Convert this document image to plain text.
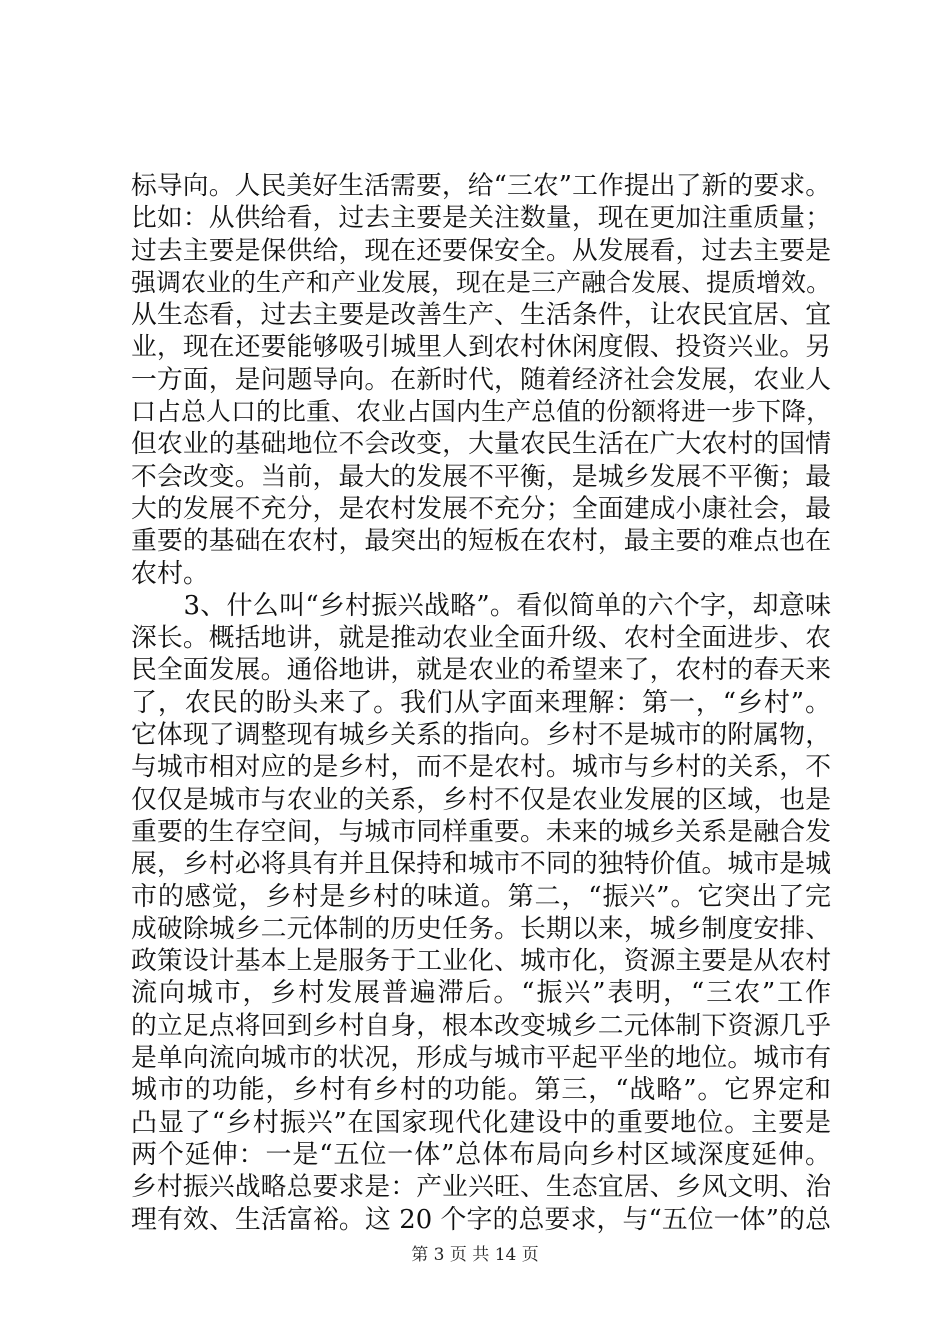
标导向。人民美好生活需要，给“三农”工作提出了新的要求。
比如：从供给看，过去主要是关注数量，现在更加注重质量；
过去主要是保供给，现在还要保安全。从发展看，过去主要是
强调农业的生产和产业发展，现在是三产融合发展、提质增效。
从生态看，过去主要是改善生产、生活条件，让农民宜居、宜
业，现在还要能够吸引城里人到农村休闲度假、投资兴业。另
一方面，是问题导向。在新时代，随着经济社会发展，农业人
口占总人口的比重、农业占国内生产总值的份额将进一步下降，
但农业的基础地位不会改变，大量农民生活在广大农村的国情
不会改变。当前，最大的发展不平衡，是城乡发展不平衡；最
大的发展不充分，是农村发展不充分；全面建成小康社会，最
重要的基础在农村，最突出的短板在农村，最主要的难点也在
农村。
　　3、什么叫“乡村振兴战略”。看似简单的六个字，却意味
深长。概括地讲，就是推动农业全面升级、农村全面进步、农
民全面发展。通俗地讲，就是农业的希望来了，农村的春天来
了，农民的盼头来了。我们从字面来理解：第一，“乡村”。
它体现了调整现有城乡关系的指向。乡村不是城市的附属物，
与城市相对应的是乡村，而不是农村。城市与乡村的关系，不
仅仅是城市与农业的关系，乡村不仅是农业发展的区域，也是
重要的生存空间，与城市同样重要。未来的城乡关系是融合发
展，乡村必将具有并且保持和城市不同的独特价值。城市是城
市的感觉，乡村是乡村的味道。第二，“振兴”。它突出了完
成破除城乡二元体制的历史任务。长期以来，城乡制度安排、
政策设计基本上是服务于工业化、城市化，资源主要是从农村
流向城市，乡村发展普遍滞后。“振兴”表明，“三农”工作
的立足点将回到乡村自身，根本改变城乡二元体制下资源几乎
是单向流向城市的状况，形成与城市平起平坐的地位。城市有
城市的功能，乡村有乡村的功能。第三，“战略”。它界定和
凸显了“乡村振兴”在国家现代化建设中的重要地位。主要是
两个延伸：一是“五位一体”总体布局向乡村区域深度延伸。
乡村振兴战略总要求是：产业兴旺、生态宜居、乡风文明、治
理有效、生活富裕。这 20 个字的总要求，与“五位一体”的总
第 3 页 共 14 页
